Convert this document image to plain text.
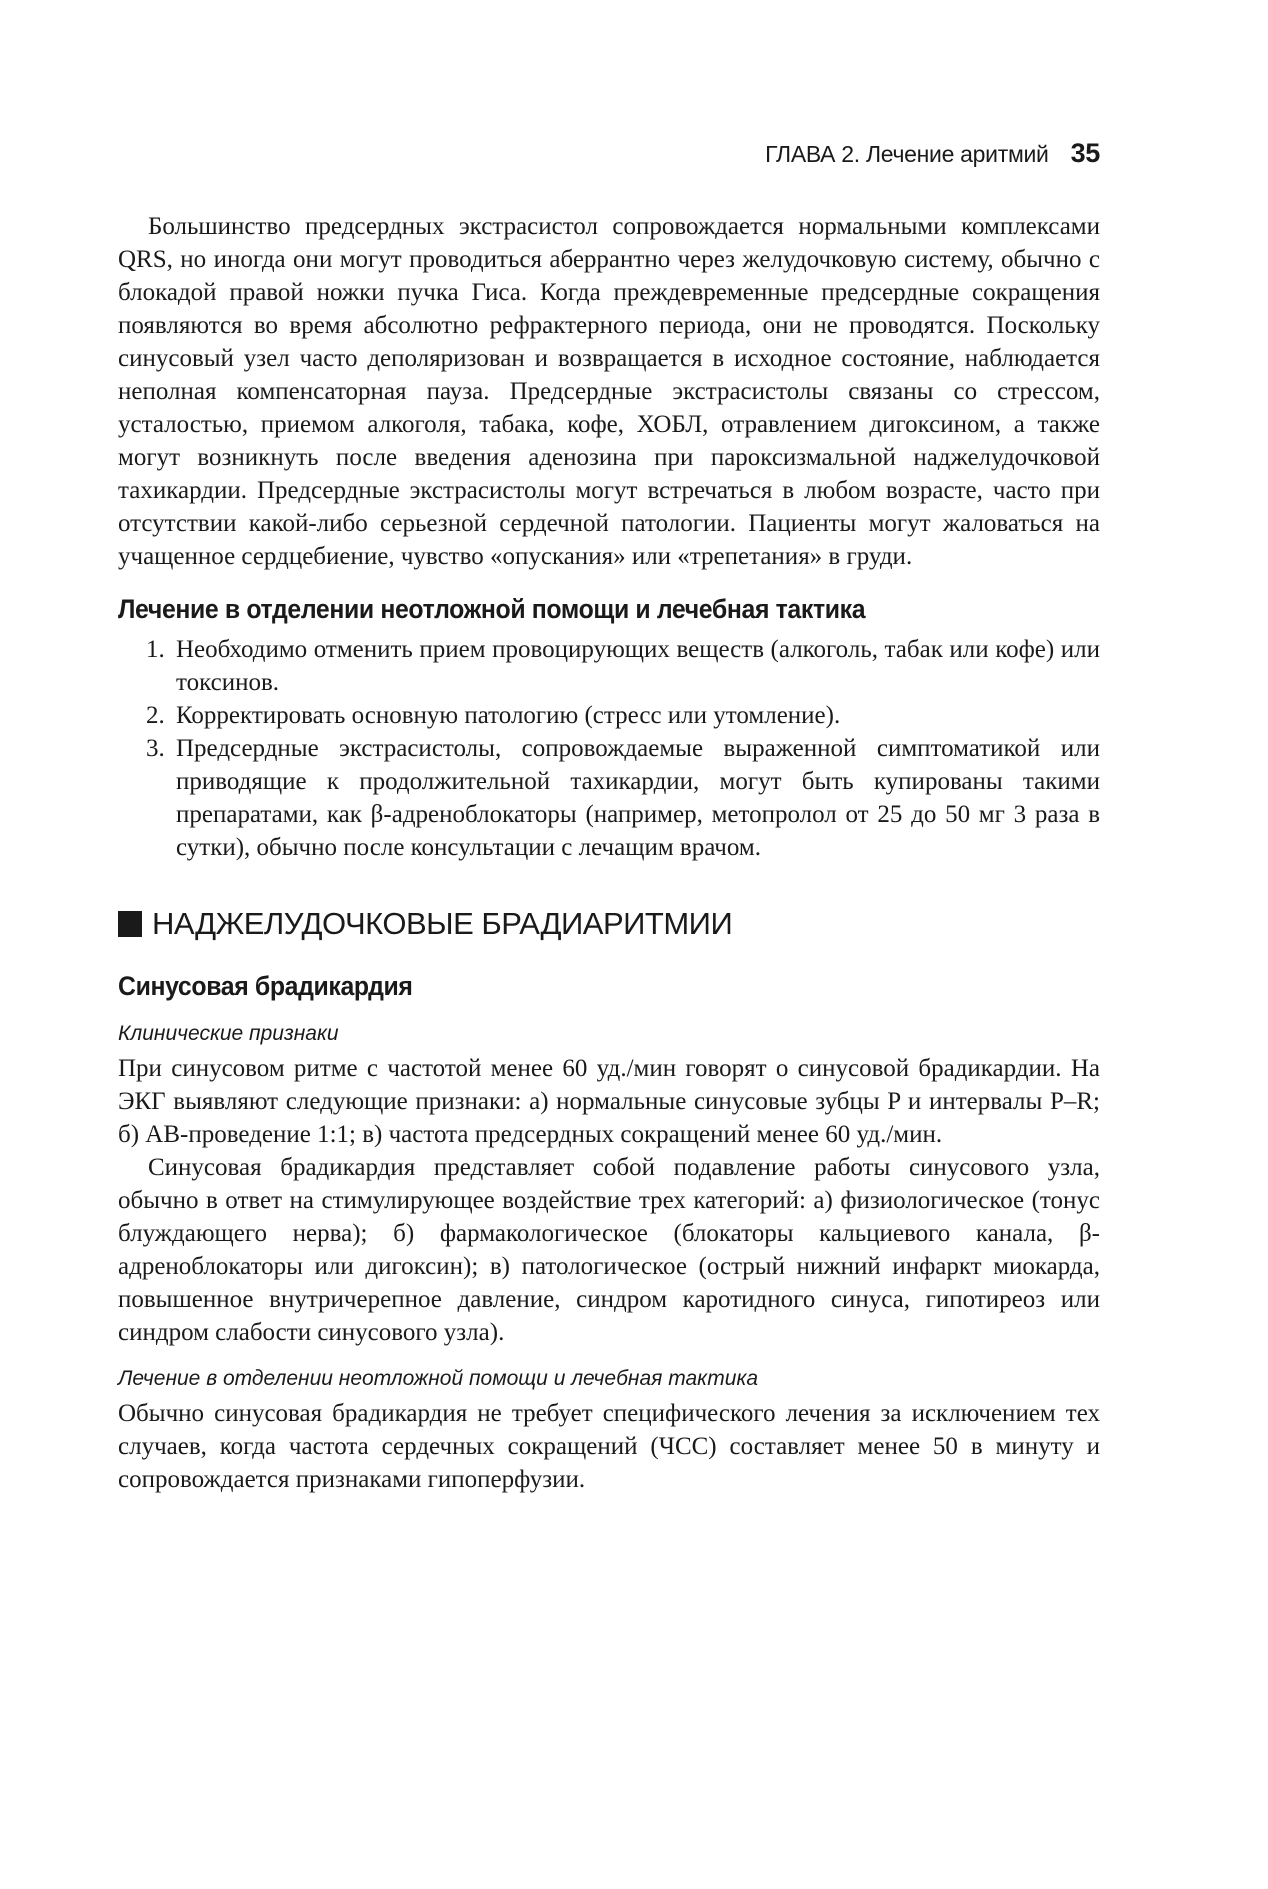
ГЛАВА 2. Лечение аритмий 35

Большинство предсердных экстрасистол сопровождается нормальными комплексами QRS, но иногда они могут проводиться аберрантно через желудочковую систему, обычно с блокадой правой ножки пучка Гиса. Когда преждевременные предсердные сокращения появляются во время абсолютно рефрактерного периода, они не проводятся. Поскольку синусовый узел часто деполяризован и возвращается в исходное состояние, наблюдается неполная компенсаторная пауза. Предсердные экстрасистолы связаны со стрессом, усталостью, приемом алкоголя, табака, кофе, ХОБЛ, отравлением дигоксином, а также могут возникнуть после введения аденозина при пароксизмальной наджелудочковой тахикардии. Предсердные экстрасистолы могут встречаться в любом возрасте, часто при отсутствии какой-либо серьезной сердечной патологии. Пациенты могут жаловаться на учащенное сердцебиение, чувство «опускания» или «трепетания» в груди.

Лечение в отделении неотложной помощи и лечебная тактика
1. Необходимо отменить прием провоцирующих веществ (алкоголь, табак или кофе) или токсинов.
2. Корректировать основную патологию (стресс или утомление).
3. Предсердные экстрасистолы, сопровождаемые выраженной симптоматикой или приводящие к продолжительной тахикардии, могут быть купированы такими препаратами, как β-адреноблокаторы (например, метопролол от 25 до 50 мг 3 раза в сутки), обычно после консультации с лечащим врачом.
НАДЖЕЛУДОЧКОВЫЕ БРАДИАРИТМИИ
Синусовая брадикардия
Клинические признаки

При синусовом ритме с частотой менее 60 уд./мин говорят о синусовой брадикардии. На ЭКГ выявляют следующие признаки: а) нормальные синусовые зубцы P и интервалы P–R; б) АВ-проведение 1:1; в) частота предсердных сокращений менее 60 уд./мин.

Синусовая брадикардия представляет собой подавление работы синусового узла, обычно в ответ на стимулирующее воздействие трех категорий: а) физиологическое (тонус блуждающего нерва); б) фармакологическое (блокаторы кальциевого канала, β-адреноблокаторы или дигоксин); в) патологическое (острый нижний инфаркт миокарда, повышенное внутричерепное давление, синдром каротидного синуса, гипотиреоз или синдром слабости синусового узла).

Лечение в отделении неотложной помощи и лечебная тактика

Обычно синусовая брадикардия не требует специфического лечения за исключением тех случаев, когда частота сердечных сокращений (ЧСС) составляет менее 50 в минуту и сопровождается признаками гипоперфузии.
